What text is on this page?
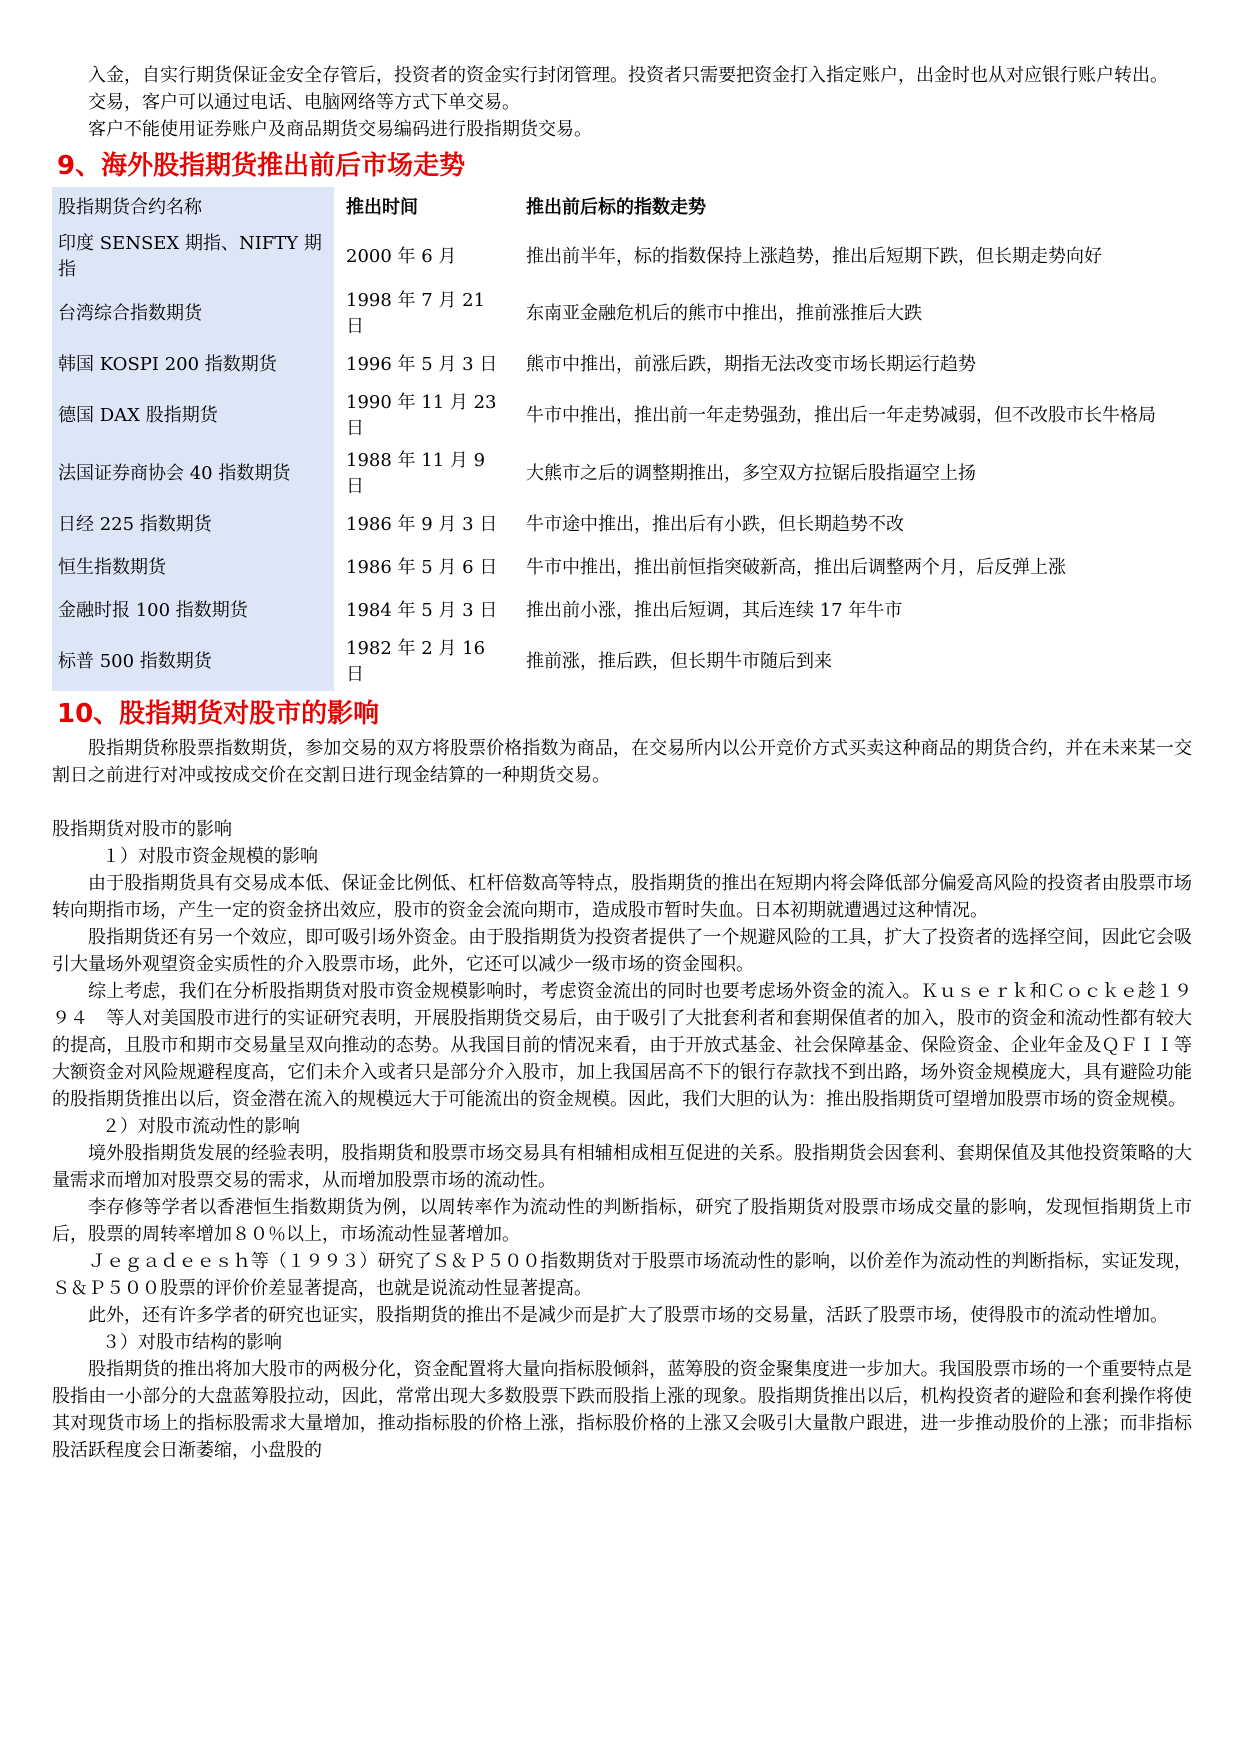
入金，自实行期货保证金安全存管后，投资者的资金实行封闭管理。投资者只需要把资金打入指定账户，出金时也从对应银行账户转出。

交易，客户可以通过电话、电脑网络等方式下单交易。

客户不能使用证券账户及商品期货交易编码进行股指期货交易。

9、海外股指期货推出前后市场走势
股指期货合约名称	推出时间	推出前后标的指数走势
印度 SENSEX 期指、NIFTY 期指	2000 年 6 月	推出前半年，标的指数保持上涨趋势，推出后短期下跌，但长期走势向好
台湾综合指数期货	1998 年 7 月 21 日	东南亚金融危机后的熊市中推出，推前涨推后大跌
韩国 KOSPI 200 指数期货	1996 年 5 月 3 日	熊市中推出，前涨后跌，期指无法改变市场长期运行趋势
德国 DAX 股指期货	1990 年 11 月 23 日	牛市中推出，推出前一年走势强劲，推出后一年走势减弱，但不改股市长牛格局
法国证券商协会 40 指数期货	1988 年 11 月 9 日	大熊市之后的调整期推出，多空双方拉锯后股指逼空上扬
日经 225 指数期货	1986 年 9 月 3 日	牛市途中推出，推出后有小跌，但长期趋势不改
恒生指数期货	1986 年 5 月 6 日	牛市中推出，推出前恒指突破新高，推出后调整两个月，后反弹上涨
金融时报 100 指数期货	1984 年 5 月 3 日	推出前小涨，推出后短调，其后连续 17 年牛市
标普 500 指数期货	1982 年 2 月 16 日	推前涨，推后跌，但长期牛市随后到来
10、股指期货对股市的影响

股指期货称股票指数期货，参加交易的双方将股票价格指数为商品，在交易所内以公开竞价方式买卖这种商品的期货合约，并在未来某一交割日之前进行对冲或按成交价在交割日进行现金结算的一种期货交易。

股指期货对股市的影响

１）对股市资金规模的影响

由于股指期货具有交易成本低、保证金比例低、杠杆倍数高等特点，股指期货的推出在短期内将会降低部分偏爱高风险的投资者由股票市场转向期指市场，产生一定的资金挤出效应，股市的资金会流向期市，造成股市暂时失血。日本初期就遭遇过这种情况。

股指期货还有另一个效应，即可吸引场外资金。由于股指期货为投资者提供了一个规避风险的工具，扩大了投资者的选择空间，因此它会吸引大量场外观望资金实质性的介入股票市场，此外，它还可以减少一级市场的资金囤积。

综上考虑，我们在分析股指期货对股市资金规模影响时，考虑资金流出的同时也要考虑场外资金的流入。Ｋｕｓｅｒｋ和Ｃｏｃｋｅ趁１９９４　等人对美国股市进行的实证研究表明，开展股指期货交易后，由于吸引了大批套利者和套期保值者的加入，股市的资金和流动性都有较大的提高，且股市和期市交易量呈双向推动的态势。从我国目前的情况来看，由于开放式基金、社会保障基金、保险资金、企业年金及ＱＦＩＩ等大额资金对风险规避程度高，它们未介入或者只是部分介入股市，加上我国居高不下的银行存款找不到出路，场外资金规模庞大，具有避险功能的股指期货推出以后，资金潜在流入的规模远大于可能流出的资金规模。因此，我们大胆的认为：推出股指期货可望增加股票市场的资金规模。

２）对股市流动性的影响

境外股指期货发展的经验表明，股指期货和股票市场交易具有相辅相成相互促进的关系。股指期货会因套利、套期保值及其他投资策略的大量需求而增加对股票交易的需求，从而增加股票市场的流动性。

李存修等学者以香港恒生指数期货为例，以周转率作为流动性的判断指标，研究了股指期货对股票市场成交量的影响，发现恒指期货上市后，股票的周转率增加８０％以上，市场流动性显著增加。

Ｊｅｇａｄｅｅｓｈ等（１９９３）研究了Ｓ＆Ｐ５００指数期货对于股票市场流动性的影响，以价差作为流动性的判断指标，实证发现，Ｓ＆Ｐ５００股票的评价价差显著提高，也就是说流动性显著提高。

此外，还有许多学者的研究也证实，股指期货的推出不是减少而是扩大了股票市场的交易量，活跃了股票市场，使得股市的流动性增加。

３）对股市结构的影响

股指期货的推出将加大股市的两极分化，资金配置将大量向指标股倾斜，蓝筹股的资金聚集度进一步加大。我国股票市场的一个重要特点是股指由一小部分的大盘蓝筹股拉动，因此，常常出现大多数股票下跌而股指上涨的现象。股指期货推出以后，机构投资者的避险和套利操作将使其对现货市场上的指标股需求大量增加，推动指标股的价格上涨，指标股价格的上涨又会吸引大量散户跟进，进一步推动股价的上涨；而非指标股活跃程度会日渐萎缩，小盘股的
